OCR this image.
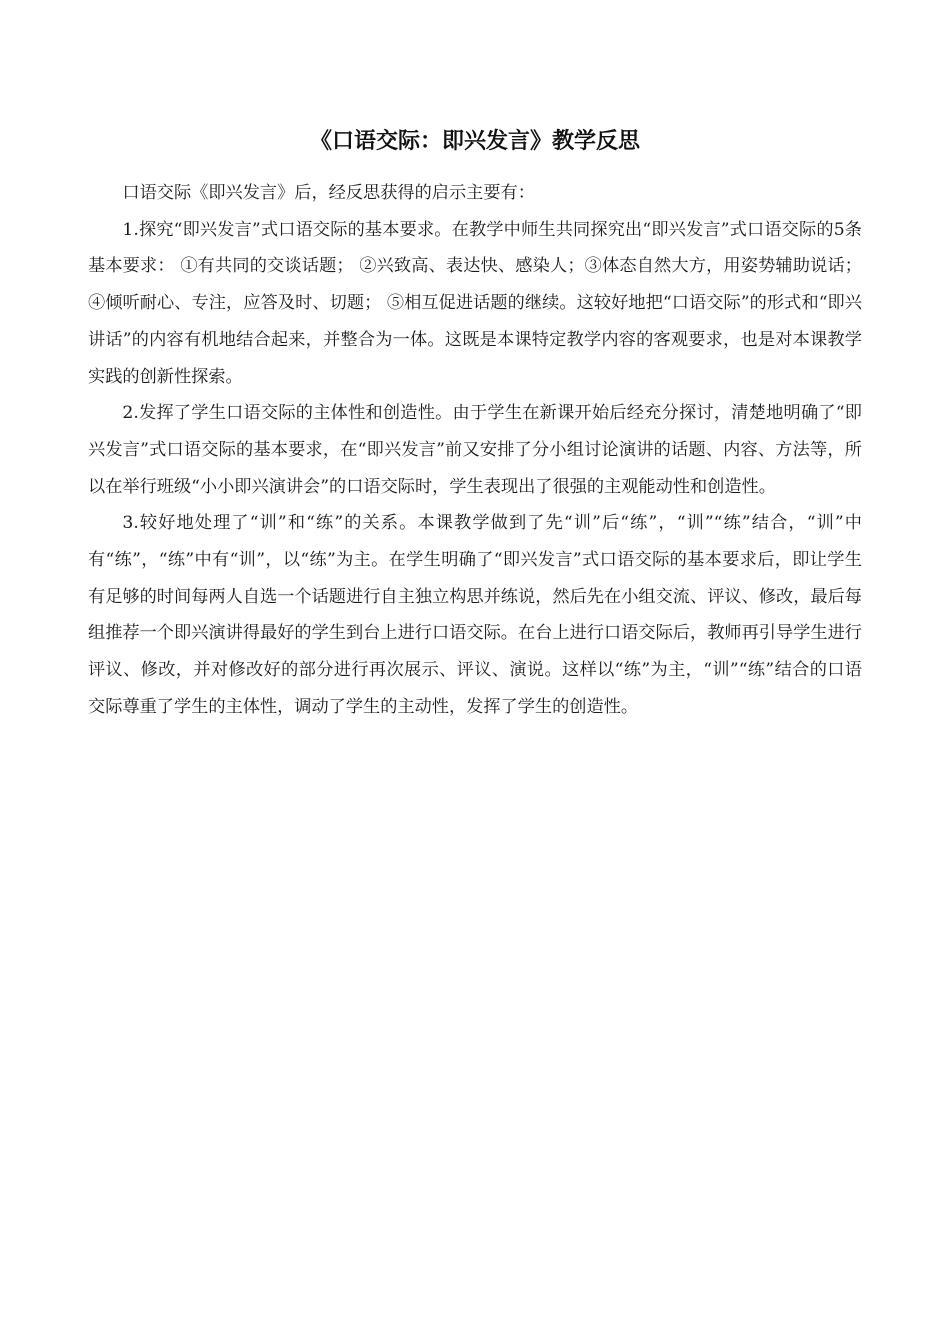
《口语交际：即兴发言》教学反思

口语交际《即兴发言》后，经反思获得的启示主要有：

1.探究“即兴发言”式口语交际的基本要求。在教学中师生共同探究出“即兴发言”式口语交际的5条基本要求： ①有共同的交谈话题； ②兴致高、表达快、感染人；③体态自然大方，用姿势辅助说话；④倾听耐心、专注，应答及时、切题； ⑤相互促进话题的继续。这较好地把“口语交际”的形式和“即兴讲话”的内容有机地结合起来，并整合为一体。这既是本课特定教学内容的客观要求，也是对本课教学实践的创新性探索。

2.发挥了学生口语交际的主体性和创造性。由于学生在新课开始后经充分探讨，清楚地明确了“即兴发言”式口语交际的基本要求，在“即兴发言”前又安排了分小组讨论演讲的话题、内容、方法等，所以在举行班级“小小即兴演讲会”的口语交际时，学生表现出了很强的主观能动性和创造性。

3.较好地处理了“训”和“练”的关系。本课教学做到了先“训”后“练”，“训”“练”结合，“训”中有“练”，“练”中有“训”，以“练”为主。在学生明确了“即兴发言”式口语交际的基本要求后，即让学生有足够的时间每两人自选一个话题进行自主独立构思并练说，然后先在小组交流、评议、修改，最后每组推荐一个即兴演讲得最好的学生到台上进行口语交际。在台上进行口语交际后，教师再引导学生进行评议、修改，并对修改好的部分进行再次展示、评议、演说。这样以“练”为主，“训”“练”结合的口语交际尊重了学生的主体性，调动了学生的主动性，发挥了学生的创造性。
